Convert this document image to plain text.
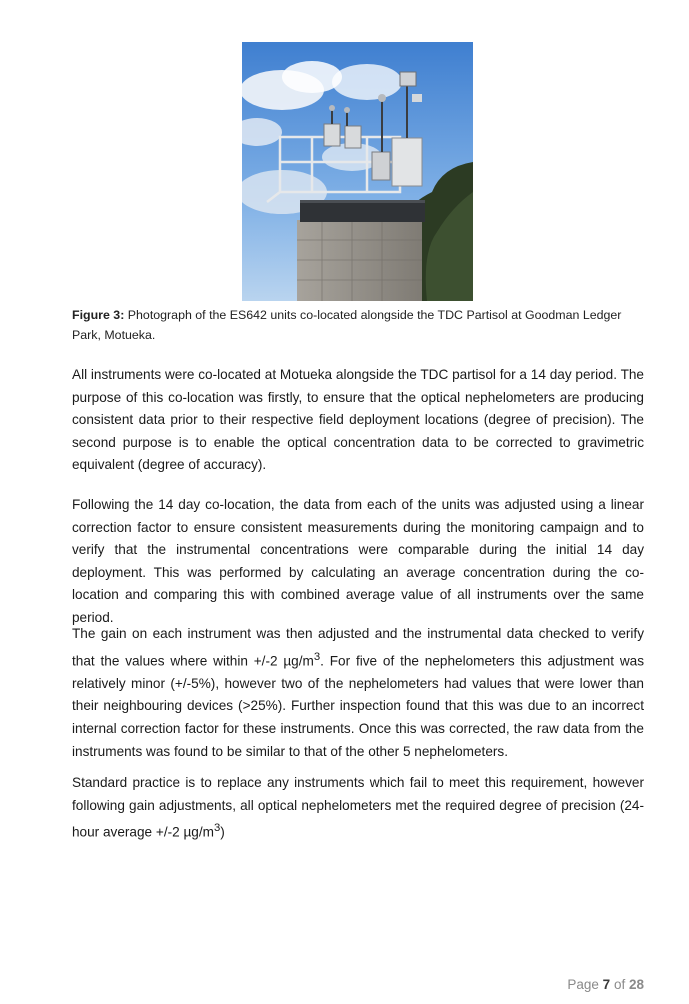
Figure 3: Photograph of the ES642 units co-located alongside the TDC Partisol at Goodman Ledger Park, Motueka.

All instruments were co-located at Motueka alongside the TDC partisol for a 14 day period. The purpose of this co-location was firstly, to ensure that the optical nephelometers are producing consistent data prior to their respective field deployment locations (degree of precision). The second purpose is to enable the optical concentration data to be corrected to gravimetric equivalent (degree of accuracy).

Following the 14 day co-location, the data from each of the units was adjusted using a linear correction factor to ensure consistent measurements during the monitoring campaign and to verify that the instrumental concentrations were comparable during the initial 14 day deployment. This was performed by calculating an average concentration during the co-location and comparing this with combined average value of all instruments over the same period.

The gain on each instrument was then adjusted and the instrumental data checked to verify that the values where within +/-2 $\mu g/m^3$. For five of the nephelometers this adjustment was relatively minor (+/-5%), however two of the nephelometers had values that were lower than their neighbouring devices (>25%). Further inspection found that this was due to an incorrect internal correction factor for these instruments. Once this was corrected, the raw data from the instruments was found to be similar to that of the other 5 nephelometers.

Standard practice is to replace any instruments which fail to meet this requirement, however following gain adjustments, all optical nephelometers met the required degree of precision (24-hour average +/-2 $\mu g/m^3$)

Page 7 of 28
